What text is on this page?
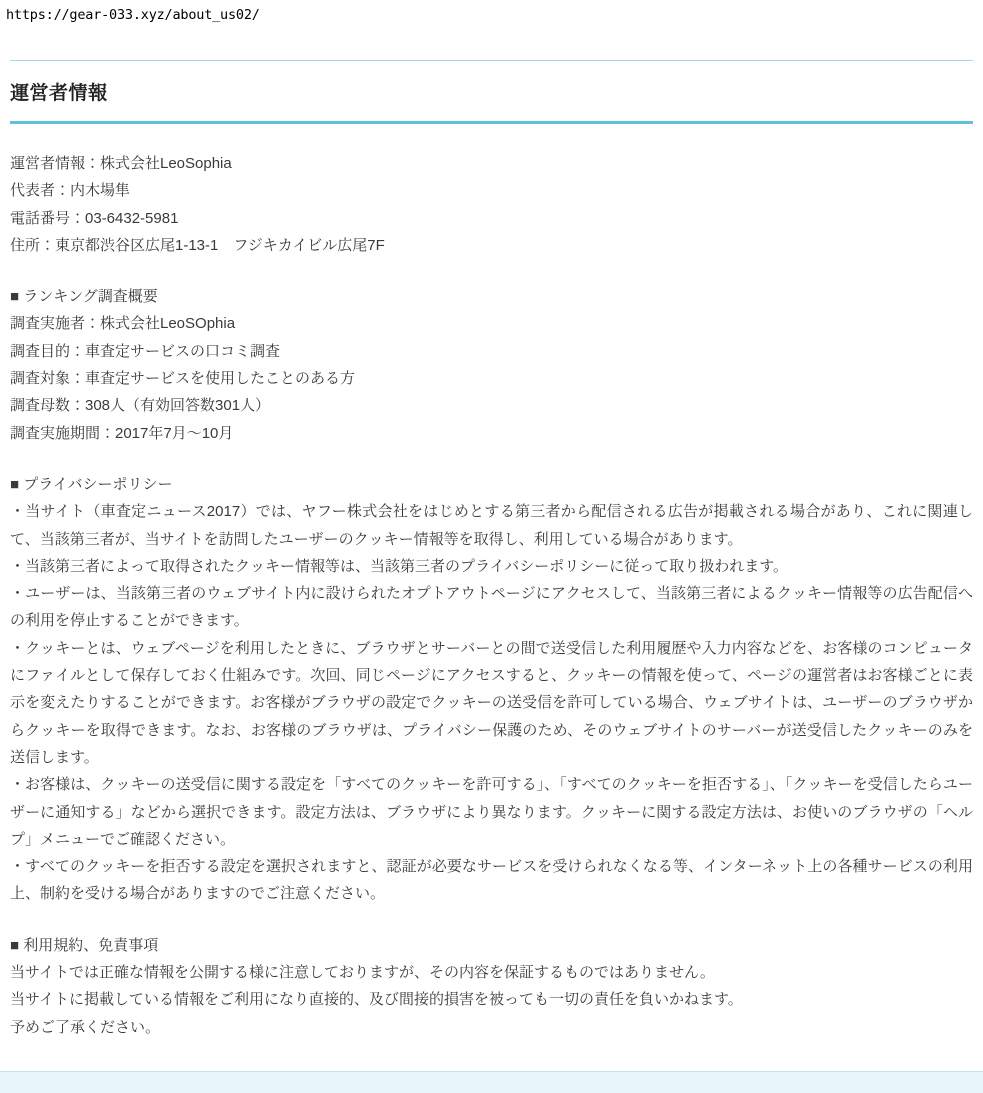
https://gear-033.xyz/about_us02/
運営者情報

運営者情報：株式会社LeoSophia

代表者：内木場隼

電話番号：03-6432-5981

住所：東京都渋谷区広尾1-13-1　フジキカイビル広尾7F

■ ランキング調査概要

調査実施者：株式会社LeoSOphia

調査目的：車査定サービスの口コミ調査

調査対象：車査定サービスを使用したことのある方

調査母数：308人（有効回答数301人）

調査実施期間：2017年7月〜10月

■ プライバシーポリシー

・当サイト（車査定ニュース2017）では、ヤフー株式会社をはじめとする第三者から配信される広告が掲載される場合があり、これに関連して、当該第三者が、当サイトを訪問したユーザーのクッキー情報等を取得し、利用している場合があります。

・当該第三者によって取得されたクッキー情報等は、当該第三者のプライバシーポリシーに従って取り扱われます。

・ユーザーは、当該第三者のウェブサイト内に設けられたオプトアウトページにアクセスして、当該第三者によるクッキー情報等の広告配信への利用を停止することができます。

・クッキーとは、ウェブページを利用したときに、ブラウザとサーバーとの間で送受信した利用履歴や入力内容などを、お客様のコンピュータにファイルとして保存しておく仕組みです。次回、同じページにアクセスすると、クッキーの情報を使って、ページの運営者はお客様ごとに表示を変えたりすることができます。お客様がブラウザの設定でクッキーの送受信を許可している場合、ウェブサイトは、ユーザーのブラウザからクッキーを取得できます。なお、お客様のブラウザは、プライバシー保護のため、そのウェブサイトのサーバーが送受信したクッキーのみを送信します。

・お客様は、クッキーの送受信に関する設定を「すべてのクッキーを許可する」、「すべてのクッキーを拒否する」、「クッキーを受信したらユーザーに通知する」などから選択できます。設定方法は、ブラウザにより異なります。クッキーに関する設定方法は、お使いのブラウザの「ヘルプ」メニューでご確認ください。

・すべてのクッキーを拒否する設定を選択されますと、認証が必要なサービスを受けられなくなる等、インターネット上の各種サービスの利用上、制約を受ける場合がありますのでご注意ください。

■ 利用規約、免責事項

当サイトでは正確な情報を公開する様に注意しておりますが、その内容を保証するものではありません。

当サイトに掲載している情報をご利用になり直接的、及び間接的損害を被っても一切の責任を負いかねます。

予めご了承ください。
